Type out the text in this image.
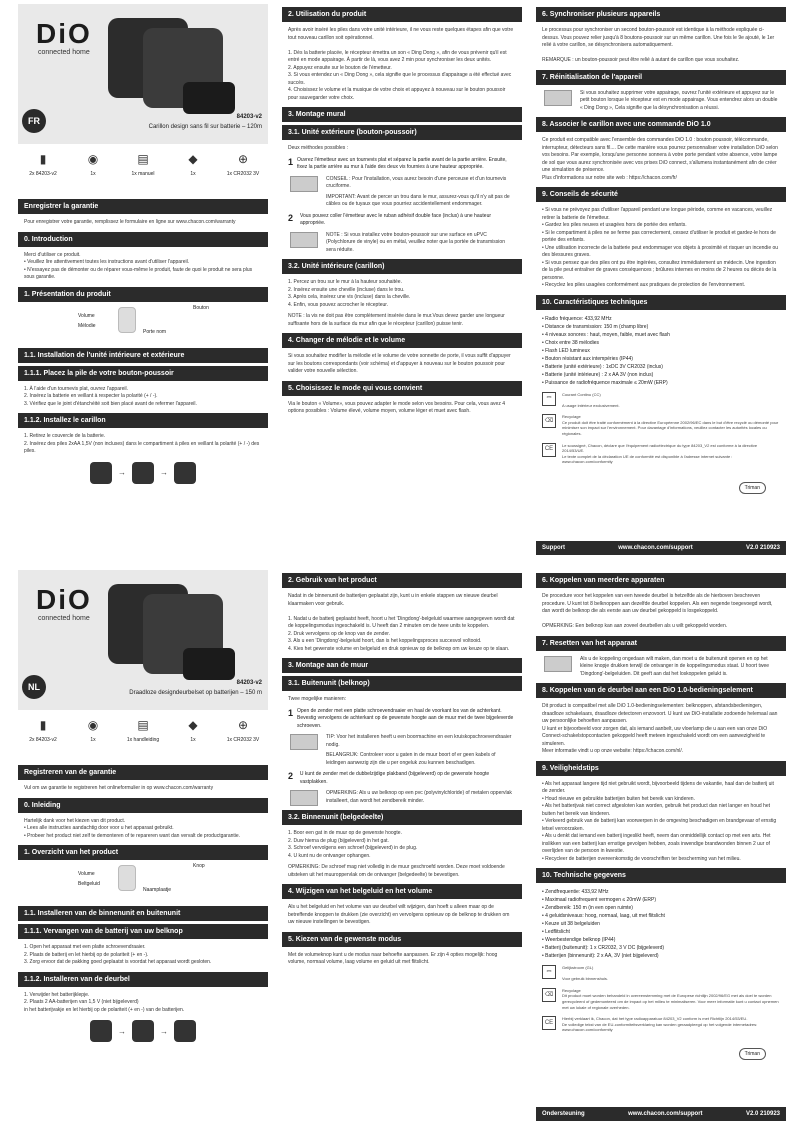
DiO
connected home
FR	84203-v2
Carillon design sans fil sur batterie – 120m
▮
2x 84203-v2
◉
1x
▤
1x manuel
◆
1x
⊕
1x CR2032 3V
Enregistrer la garantie
Pour enregistrer votre garantie, remplissez le formulaire en ligne sur www.chacon.com/warranty
0. Introduction
Merci d'utiliser ce produit.
• Veuillez lire attentivement toutes les instructions avant d'utiliser l'appareil.
• N'essayez pas de démonter ou de réparer vous-même le produit, faute de quoi le produit ne sera plus sous garantie.
1. Présentation du produit
Volume
Mélodie
Bouton
Porte nom
1.1. Installation de l'unité intérieure et extérieure
1.1.1. Placez la pile de votre bouton-poussoir
1. À l'aide d'un tournevis plat, ouvrez l'appareil.
2. Insérez la batterie en veillant à respecter la polarité (+ / -).
3. Vérifiez que le joint d'étanchéité soit bien placé avant de refermer l'appareil.
1.1.2. Installez le carillon
1. Retirez le couvercle de la batterie.
2. Insérez des piles 2xAA 1,5V (non incluses) dans le compartiment à piles en veillant la polarité (+ / -) des piles.
→	→
2. Utilisation du produit
Après avoir inséré les piles dans votre unité intérieure, il ne vous reste quelques étapes afin que votre tout nouveau carillon soit opérationnel.

1. Dès la batterie placée, le récepteur émettra un son « Ding Dong », afin de vous prévenir qu'il est entré en mode appairage. À partir de là, vous avez 2 min pour synchroniser les deux unités.
2. Appuyez ensuite sur le bouton de l'émetteur.
3. Si vous entendez un « Ding Dong », cela signifie que le processus d'appairage a été effectué avec succès.
4. Choisissez le volume et la musique de votre choix et appuyez à nouveau sur le bouton poussoir pour sauvegarder votre choix.
3. Montage mural
3.1. Unité extérieure (bouton-poussoir)
Deux méthodes possibles :
1 Ouvrez l'émetteur avec un tournevis plat et séparez la partie avant de la partie arrière. Ensuite, fixez la partie arrière au mur à l'aide des deux vis fournies à une hauteur appropriée.
CONSEIL : Pour l'installation, vous aurez besoin d'une perceuse et d'un tournevis cruciforme.
IMPORTANT: Avant de percer un trou dans le mur, assurez-vous qu'il n'y ait pas de câbles ou de tuyaux que vous pourriez accidentellement endommager.
2	Vous pouvez coller l'émetteur avec le ruban adhésif double face (inclus) à une hauteur appropriée.
NOTE : Si vous installez votre bouton-poussoir sur une surface en uPVC (Polychlorure de vinyle) ou en métal, veuillez noter que la portée de transmission sera réduite.
3.2. Unité intérieure (carillon)
1. Percez un trou sur le mur à la hauteur souhaitée.
2. Insérez ensuite une cheville (incluse) dans le trou.
3. Après cela, insérez une vis (incluse) dans la cheville.
4. Enfin, vous pouvez accrocher le récepteur.
NOTE : la vis ne doit pas être complètement insérée dans le mur.Vous devez garder une longueur suffisante hors de la surface du mur afin que le récepteur (carillon) puisse tenir.
4. Changer de mélodie et le volume
Si vous souhaitez modifier la mélodie et le volume de votre sonnette de porte, il vous suffit d'appuyer sur les boutons correspondants (voir schéma) et d'appuyer à nouveau sur le bouton poussoir pour valider votre nouvelle sélection.
5. Choisissez le mode qui vous convient
Via le bouton « Volume», vous pouvez adapter le mode selon vos besoins. Pour cela, vous avez 4 options possibles : Volume élevé, volume moyen, volume léger et muet avec flash.
6. Synchroniser plusieurs appareils
Le processus pour synchroniser un second bouton-poussoir est identique à la méthode expliquée ci-dessus. Vous pouvez relier jusqu'à 8 boutons-poussoir sur un même carillon. Une fois le 9e ajouté, le 1er relié à votre carillon, se désynchronisera automatiquement.

REMARQUE : un bouton-poussoir peut être relié à autant de carillon que vous souhaitez.
7. Réinitialisation de l'appareil
Si vous souhaitez supprimer votre appairage, ouvrez l'unité extérieure et appuyez sur le petit bouton lorsque le récepteur est en mode appairage. Vous entendrez alors un double « Ding Dong », Cela signifie que la désynchronisation a réussi.
8. Associer le carillon avec une commande DiO 1.0
Ce produit est compatible avec l'ensemble des commandes DiO 1.0 : bouton poussoir, télécommande, interrupteur, détecteurs sans fil.... De cette manière vous pourrez personnaliser votre installation DiO selon vos besoins. Par exemple, lorsqu'une personne sonnera à votre porte pendant votre absence, votre lampe de sol que vous aurez synchronisée avec vos prises DiO connect, s'allumera instantanément afin de créer une simulation de présence.
Plus d'informations sur notre site web : https://chacon.com/fr/
9. Conseils de sécurité
• Si vous ne prévoyez pas d'utiliser l'appareil pendant une longue période, comme en vacances, veuillez retirer la batterie de l'émetteur.
• Gardez les piles neuves et usagées hors de portée des enfants.
• Si le compartiment à piles ne se ferme pas correctement, cessez d'utiliser le produit et gardez-le hors de portée des enfants.
• Une utilisation incorrecte de la batterie peut endommager vos objets à proximité et risquer un incendie ou des blessures graves.
• Si vous pensez que des piles ont pu être ingérées, consultez immédiatement un médecin. Une ingestion de la pile peut entraîner de graves conséquences ; brûlures internes en moins de 2 heures ou décès de la personne.
• Recyclez les piles usagées conformément aux pratiques de protection de l'environnement.
10. Caractéristiques techniques
• Radio fréquence: 433,92 MHz
• Distance de transmission: 150 m (champ libre)
• 4 niveaux sonores : haut, moyen, faible, muet avec flash
• Choix entre 38 mélodies
• Flash LED lumineux
• Bouton résistant aux intempéries (IP44)
• Batterie (unité extérieure) : 1xDC 3V CR2032 (inclus)
• Batterie (unité intérieure) : 2 x AA 3V (non inclus)
• Puissance de radiofréquence maximale ≤ 20mW (ERP)
⎓
Courant Continu (CC)

A usage intérieur exclusivement.
⌫
Recyclage
Ce produit doit être traité conformément à la directive Européenne 2002/96/EC dans le but d'être recyclé ou démonté pour minimiser son impact sur l'environnement. Pour davantage d'informations, veuillez contacter les autorités locales ou régionales.
CE
Le soussigné, Chacon, déclare que l'équipement radioélectrique du type 84203_V2 est conforme à la directive 2014/53/UE.
Le texte complet de la déclaration UE de conformité est disponible à l'adresse internet suivante : www.chacon.com/conformity
Triman
Support	www.chacon.com/support	V2.0 210923
DiO
connected home
NL	84203-v2
Draadloze designdeurbelset op batterijen – 150 m
▮
2x 84203-v2
◉
1x
▤
1x handleiding
◆
1x
⊕
1x CR2032 3V
Registreren van de garantie
Vul om uw garantie te registreren het onlineformulier in op www.chacon.com/warranty
0. Inleiding
Hartelijk dank voor het kiezen van dit product.
• Lees alle instructies aandachtig door voor u het apparaat gebruikt.
• Probeer het product niet zelf te demonteren of te repareren want dan vervalt de productgarantie.
1. Overzicht van het product
Volume
Beltgeluid
Knop
Naamplaatje
1.1. Installeren van de binnenunit en buitenunit
1.1.1. Vervangen van de batterij van uw belknop
1. Open het apparaat met een platte schroevendraaier.
2. Plaats de batterij en let hierbij op de polariteit (+ en -).
3. Zorg ervoor dat de pakking goed geplaatst is voordat het apparaat wordt gesloten.
1.1.2. Installeren van de deurbel
1. Verwijder het batterijklepje.
2. Plaats 2 AA-batterijen van 1,5 V (niet bijgeleverd)
in het batterijvakje en let hierbij op de polariteit (+ en -) van de batterijen.
→	→
2. Gebruik van het product
Nadat in de binnenunit de batterijen geplaatst zijn, kunt u in enkele stappen uw nieuwe deurbel klaarmaken voor gebruik.

1. Nadat u de batterij geplaatst heeft, hoort u het 'Dingdong'-belgeluid waarmee aangegeven wordt dat de koppelingsmodus ingeschakeld is. U heeft dan 2 minuten om de twee units te koppelen.
2. Druk vervolgens op de knop van de zender.
3. Als u een 'Dingdong'-belgeluid hoort, dan is het koppelingsproces succesvol voltooid.
4. Kies het gewenste volume en belgeluid en druk opnieuw op de belknop om uw keuze op te slaan.
3. Montage aan de muur
3.1. Buitenunit (belknop)
Twee mogelijke manieren:
1 Open de zender met een platte schroevendraaier en haal de voorkant los van de achterkant. Bevestig vervolgens de achterkant op de gewenste hoogte aan de muur met de twee bijgeleverde schroeven.
TIP: Voor het installeren heeft u een boormachine en een kruiskopschroevendraaier nodig.
BELANGRIJK: Controleer voor u gaten in de muur boort of er geen kabels of leidingen aanwezig zijn die u per ongeluk zou kunnen beschadigen.
2	U kunt de zender met de dubbelzijdige plakband (bijgeleverd) op de gewenste hoogte vastplakken.
OPMERKING: Als u uw belknop op een pvc (polyvinylchloride) of metalen oppervlak installeert, dan wordt het zendbereik minder.
3.2. Binnenunit (belgedeelte)
1. Boor een gat in de muur op de gewenste hoogte.
2. Duw hierna de plug (bijgeleverd) in het gat.
3. Schroef vervolgens een schroef (bijgeleverd) in de plug.
4. U kunt nu de ontvanger ophangen.
OPMERKING: De schroef mag niet volledig in de muur geschroefd worden. Deze moet voldoende uitsteken uit het muuroppervlak om de ontvanger (belgedeelte) te bevestigen.
4. Wijzigen van het belgeluid en het volume
Als u het belgeluid en het volume van uw deurbel wilt wijzigen, dan hoeft u alleen maar op de betreffende knoppen te drukken (zie overzicht) en vervolgens opnieuw op de belknop te drukken om uw nieuwe instellingen te bevestigen.
5. Kiezen van de gewenste modus
Met de volumeknop kunt u de modus naar behoefte aanpassen. Er zijn 4 opties mogelijk: hoog volume, normaal volume, laag volume en geluid uit met flitslicht.
6. Koppelen van meerdere apparaten
De procedure voor het koppelen van een tweede deurbel is hetzelfde als de hierboven beschreven procedure. U kunt tot 8 belknoppen aan dezelfde deurbel koppelen. Als een negende toegevoegd wordt, dan wordt de belknop die als eerste aan uw deurbel gekoppeld is losgekoppeld.

OPMERKING: Een belknop kan aan zoveel deurbellen als u wilt gekoppeld worden.
7. Resetten van het apparaat
Als u de koppeling ongedaan wilt maken, dan moet u de buitenunit openen en op het kleine knopje drukken terwijl de ontvanger in de koppelingsmodus staat. U hoort twee 'Dingdong'-belgeluiden. Dit geeft aan dat het loskoppelen gelukt is.
8. Koppelen van de deurbel aan een DiO 1.0-bedieningselement
Dit product is compatibel met alle DiO 1.0-bedieningselementen: belknoppen, afstandsbedieningen, draadloze schakelaars, draadloze detectoren enzovoort. U kunt uw DiO-installatie zodoende helemaal aan uw persoonlijke behoeften aanpassen.
U kunt er bijvoorbeeld voor zorgen dat, als iemand aanbelt, uw vloerlamp die u aan een van onze DiO Connect-schakelstopcontacten gekoppeld heeft meteen ingeschakeld wordt om een aanwezigheid te simuleren.
Meer informatie vindt u op onze website: https://chacon.com/nl/.
9. Veiligheidstips
• Als het apparaat langere tijd niet gebruikt wordt, bijvoorbeeld tijdens de vakantie, haal dan de batterij uit de zender.
• Houd nieuwe en gebruikte batterijen buiten het bereik van kinderen.
• Als het batterijvak niet correct afgesloten kan worden, gebruik het product dan niet langer en houd het buiten het bereik van kinderen.
• Verkeerd gebruik van de batterij kan voorwerpen in de omgeving beschadigen en brandgevaar of ernstig letsel veroorzaken.
• Als u denkt dat iemand een batterij ingeslikt heeft, neem dan onmiddellijk contact op met een arts. Het inslikken van een batterij kan ernstige gevolgen hebben, zoals inwendige brandwonden binnen 2 uur of overlijden van de persoon in kwestie.
• Recycleer de batterijen overeenkomstig de voorschriften ter bescherming van het milieu.
10. Technische gegevens
• Zendfrequentie: 433,92 MHz
• Maximaal radiofrequent vermogen ≤ 20mW (ERP)
• Zendbereik: 150 m (in een open ruimte)
• 4 geluidsniveaus: hoog, normaal, laag, uit met flitslicht
• Keuze uit 38 belgeluiden
• Ledflitslicht
• Weerbestendige belknop (IP44)
• Batterij (buitenunit): 1 x CR2032, 3 V DC (bijgeleverd)
• Batterijen (binnenunit): 2 x AA, 3V (niet bijgeleverd)
⎓
Gelijkstroom (GL)

Voor gebruik binnenshuis.
⌫
Recyclage
Dit product moet worden behandeld in overeenstemming met de Europese richtlijn 2002/96/EG met als doel te worden gerecycleerd of gedemonteerd om de impact op het milieu te minimaliseren. Voor meer informatie kunt u contact opnemen met uw lokale of regionale overheden.
CE
Hierbij verklaart ik, Chacon, dat het type radioapparatuur 84203_V2 conform is met Richtlijn 2014/53/EU.
De volledige tekst van de EU-conformiteitsverklaring kan worden geraadpleegd op het volgende internetadres: www.chacon.com/conformity
Triman
Ondersteuning	www.chacon.com/support	V2.0 210923
